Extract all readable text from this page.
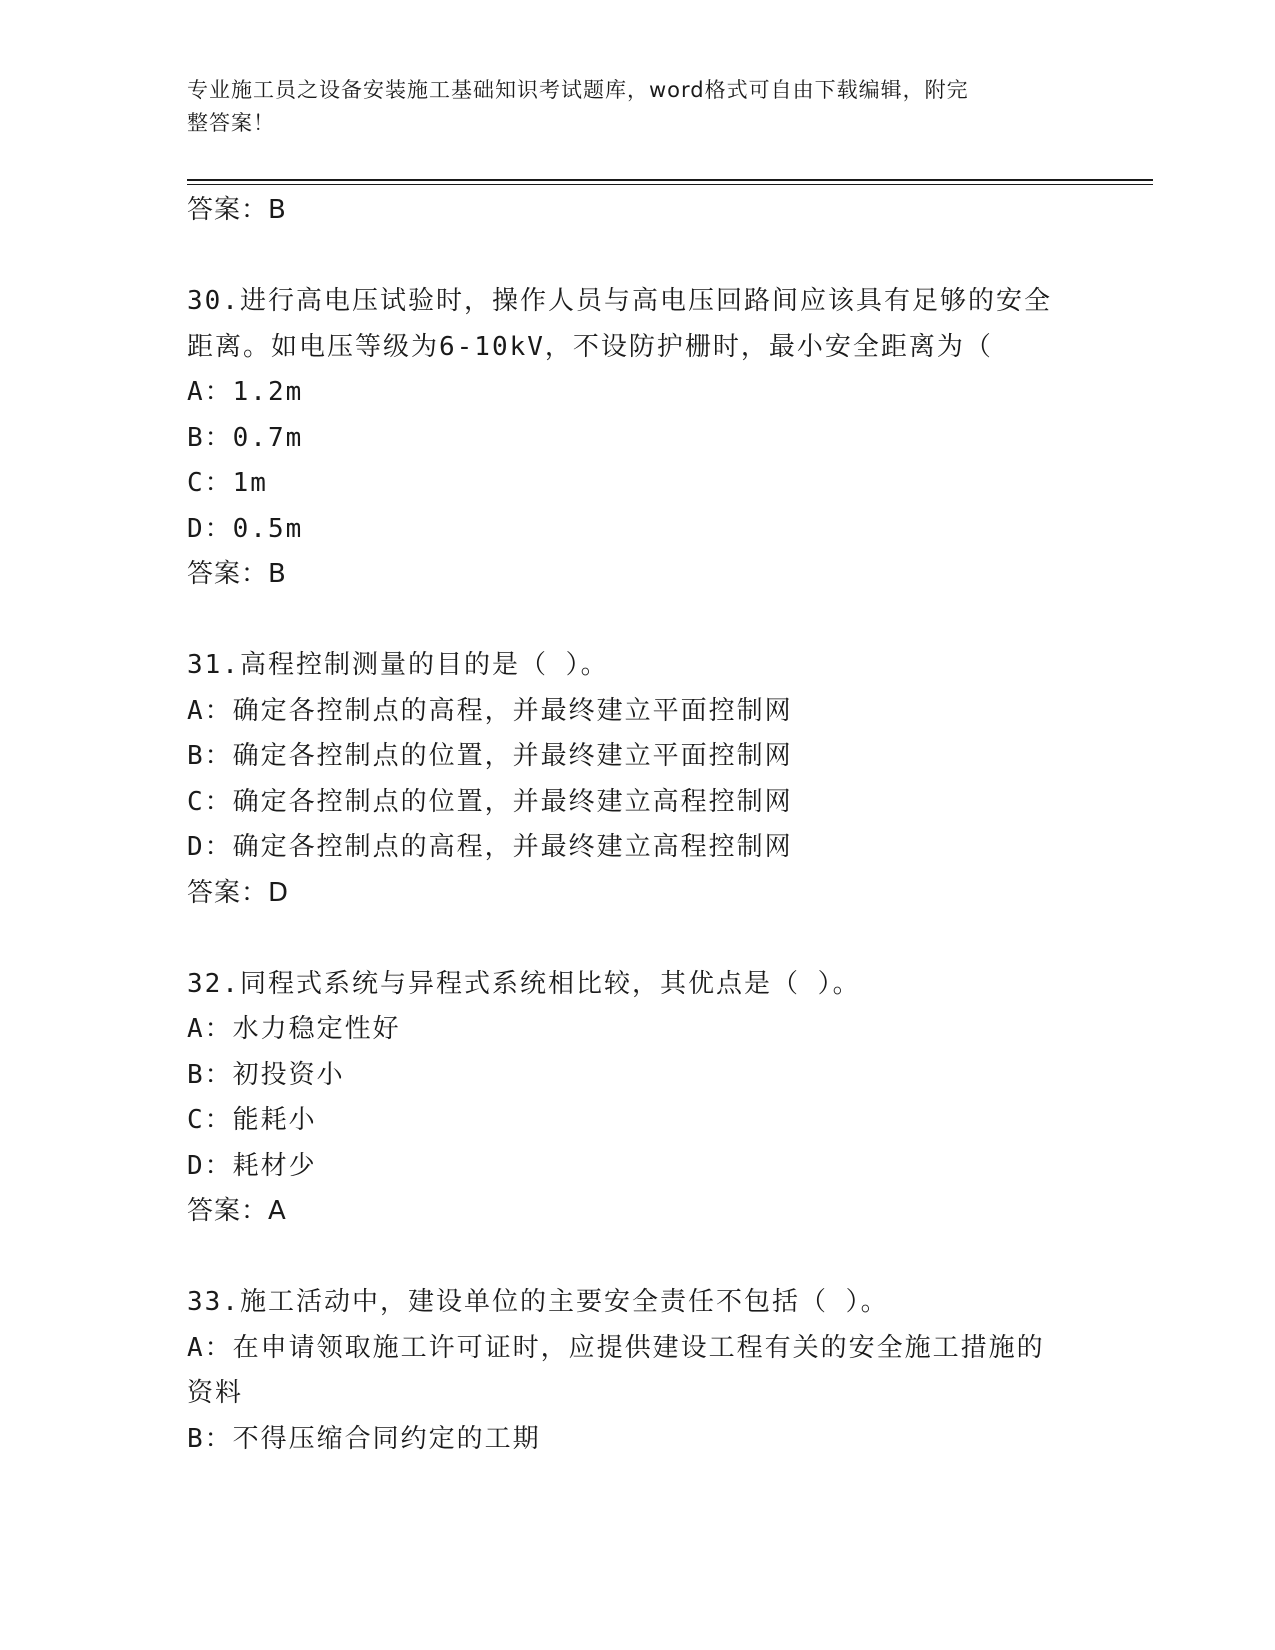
专业施工员之设备安装施工基础知识考试题库，word格式可自由下载编辑，附完
整答案！
答案：B
30.进行高电压试验时，操作人员与高电压回路间应该具有足够的安全
距离。如电压等级为6-10kV，不设防护栅时，最小安全距离为（
A：1.2m
B：0.7m
C：1m
D：0.5m
答案：B
31.高程控制测量的目的是（ ）。
A：确定各控制点的高程，并最终建立平面控制网
B：确定各控制点的位置，并最终建立平面控制网
C：确定各控制点的位置，并最终建立高程控制网
D：确定各控制点的高程，并最终建立高程控制网
答案：D
32.同程式系统与异程式系统相比较，其优点是（ ）。
A：水力稳定性好
B：初投资小
C：能耗小
D：耗材少
答案：A
33.施工活动中，建设单位的主要安全责任不包括（ ）。
A：在申请领取施工许可证时，应提供建设工程有关的安全施工措施的
资料
B：不得压缩合同约定的工期
